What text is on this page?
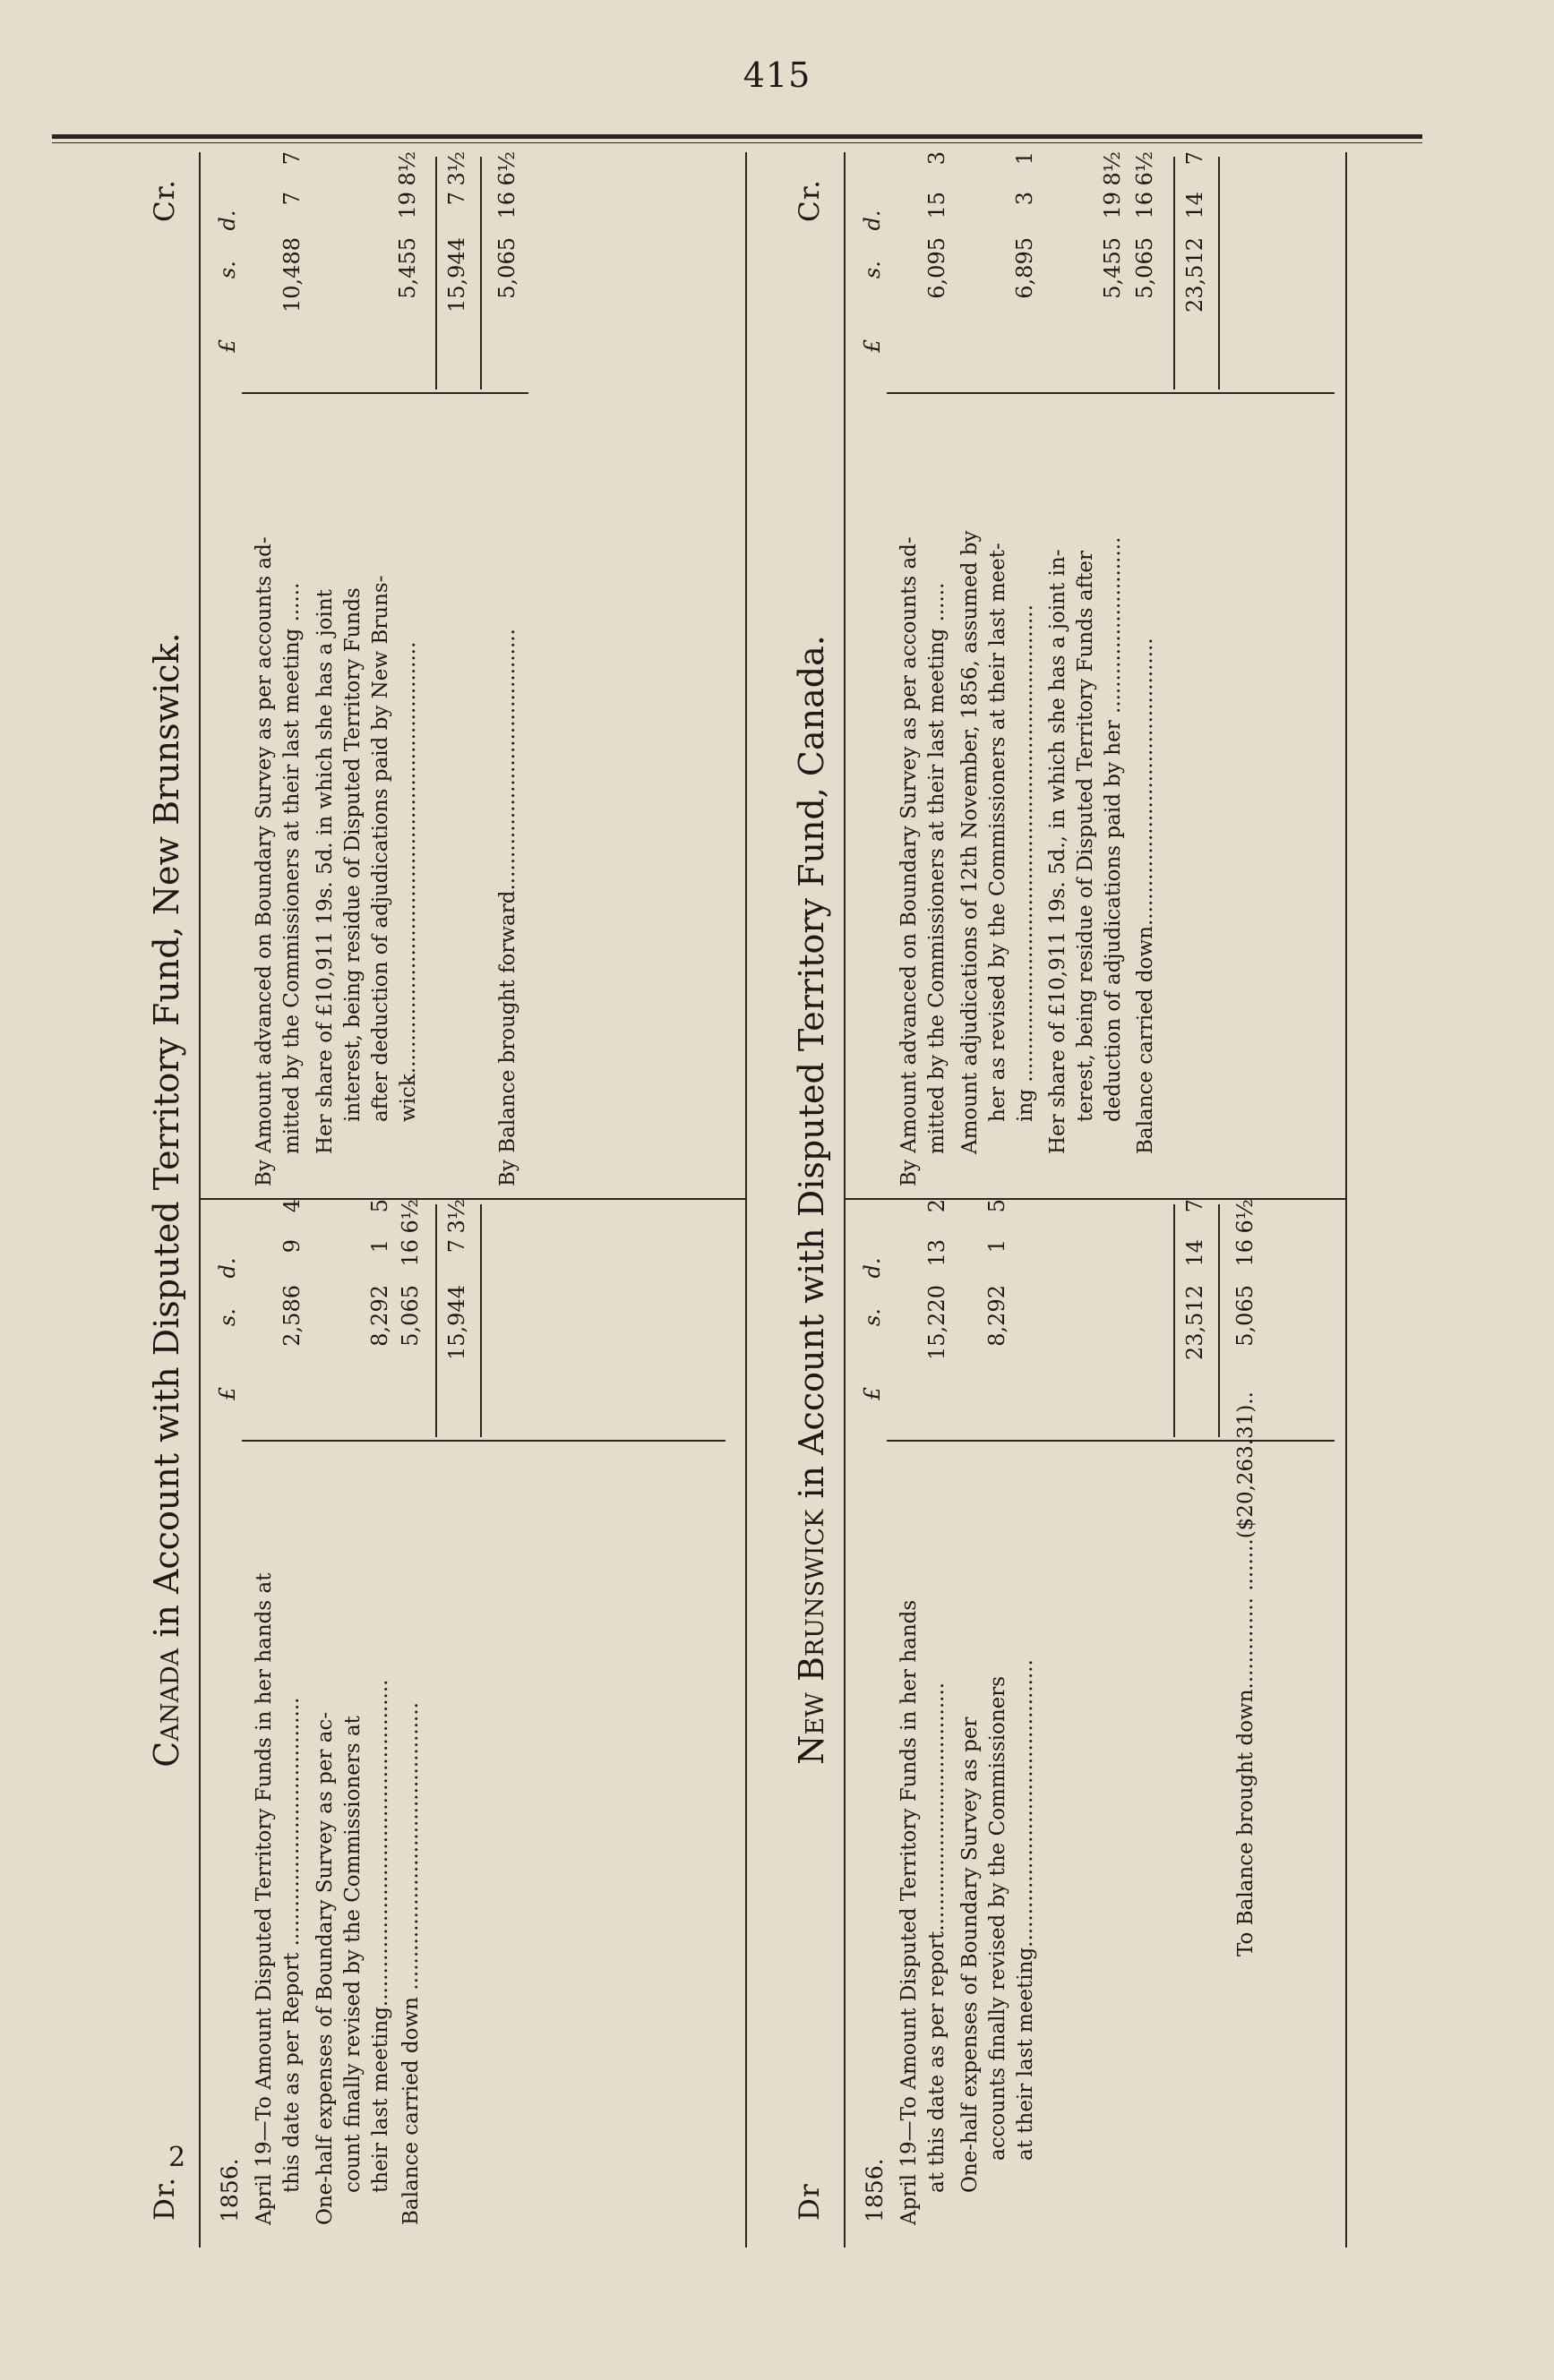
415
2
Dr.
Canada in Account with Disputed Territory Fund, New Brunswick.
Cr.
1856.
£ s. d.
£ s. d.
April 19—To Amount Disputed Territory Funds in her hands at this date as per Report ......................................
2,586
9
4
One-half expenses of Boundary Survey as per ac- count finally revised by the Commissioners at their last meeting..................................................
8,292
1
5
Balance carried down ............................................
5,065
16
6½
15,944
7
3½
By Amount advanced on Boundary Survey as per accounts ad- mitted by the Commissioners at their last meeting ......
10,488
7
7
Her share of £10,911 19s. 5d. in which she has a joint interest, being residue of Disputed Territory Funds after deduction of adjudications paid by New Bruns- wick..................................................................
5,455
19
8½
15,944
7
3½
By Balance brought forward........................................
5,065
16
6½
Dr
New Brunswick in Account with Disputed Territory Fund, Canada.
Cr.
1856.
£ s. d.
£ s. d.
April 19—To Amount Disputed Territory Funds in her hands at this date as per report......................................
15,220
13
2
One-half expenses of Boundary Survey as per accounts finally revised by the Commissioners at their last meeting............................................
8,292
1
5
23,512
14
7
To Balance brought down.............. ........($20,263.31)..
5,065
16
6½
By Amount advanced on Boundary Survey as per accounts ad- mitted by the Commissioners at their last meeting ......
6,095
15
3
Amount adjudications of 12th November, 1856, assumed by her as revised by the Commissioners at their last meet- ing .........................................................................
6,895
3
1
Her share of £10,911 19s. 5d., in which she has a joint in- terest, being residue of Disputed Territory Funds after deduction of adjudications paid by her ...........................
5,455
19
8½
Balance carried down............................................
5,065
16
6½
23,512
14
7
